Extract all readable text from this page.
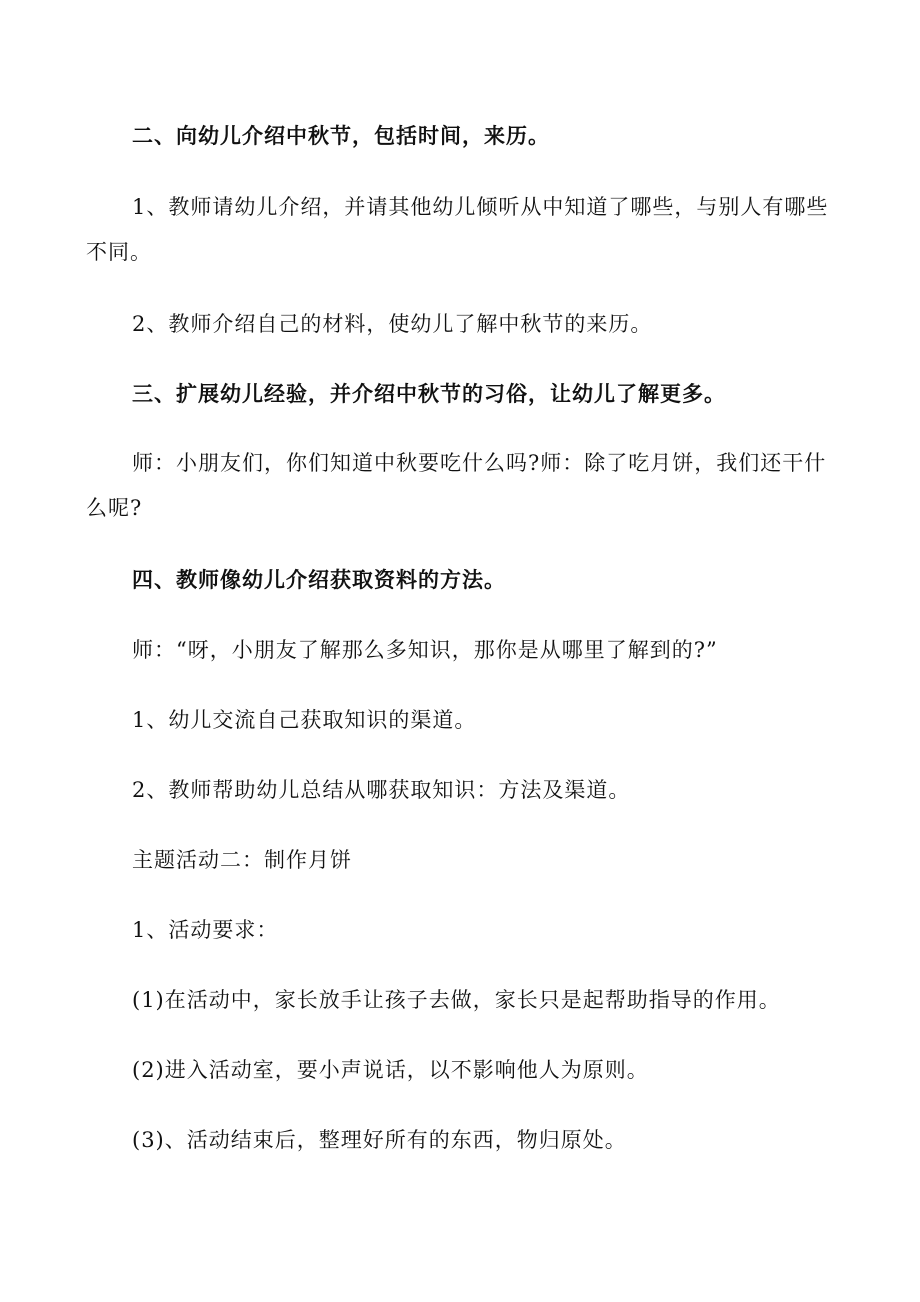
二、向幼儿介绍中秋节，包括时间，来历。

1、教师请幼儿介绍，并请其他幼儿倾听从中知道了哪些，与别人有哪些不同。

2、教师介绍自己的材料，使幼儿了解中秋节的来历。

三、扩展幼儿经验，并介绍中秋节的习俗，让幼儿了解更多。

师：小朋友们，你们知道中秋要吃什么吗?师：除了吃月饼，我们还干什么呢?

四、教师像幼儿介绍获取资料的方法。

师：“呀，小朋友了解那么多知识，那你是从哪里了解到的?”

1、幼儿交流自己获取知识的渠道。

2、教师帮助幼儿总结从哪获取知识：方法及渠道。

主题活动二：制作月饼

1、活动要求：

(1)在活动中，家长放手让孩子去做，家长只是起帮助指导的作用。

(2)进入活动室，要小声说话，以不影响他人为原则。

(3)、活动结束后，整理好所有的东西，物归原处。
